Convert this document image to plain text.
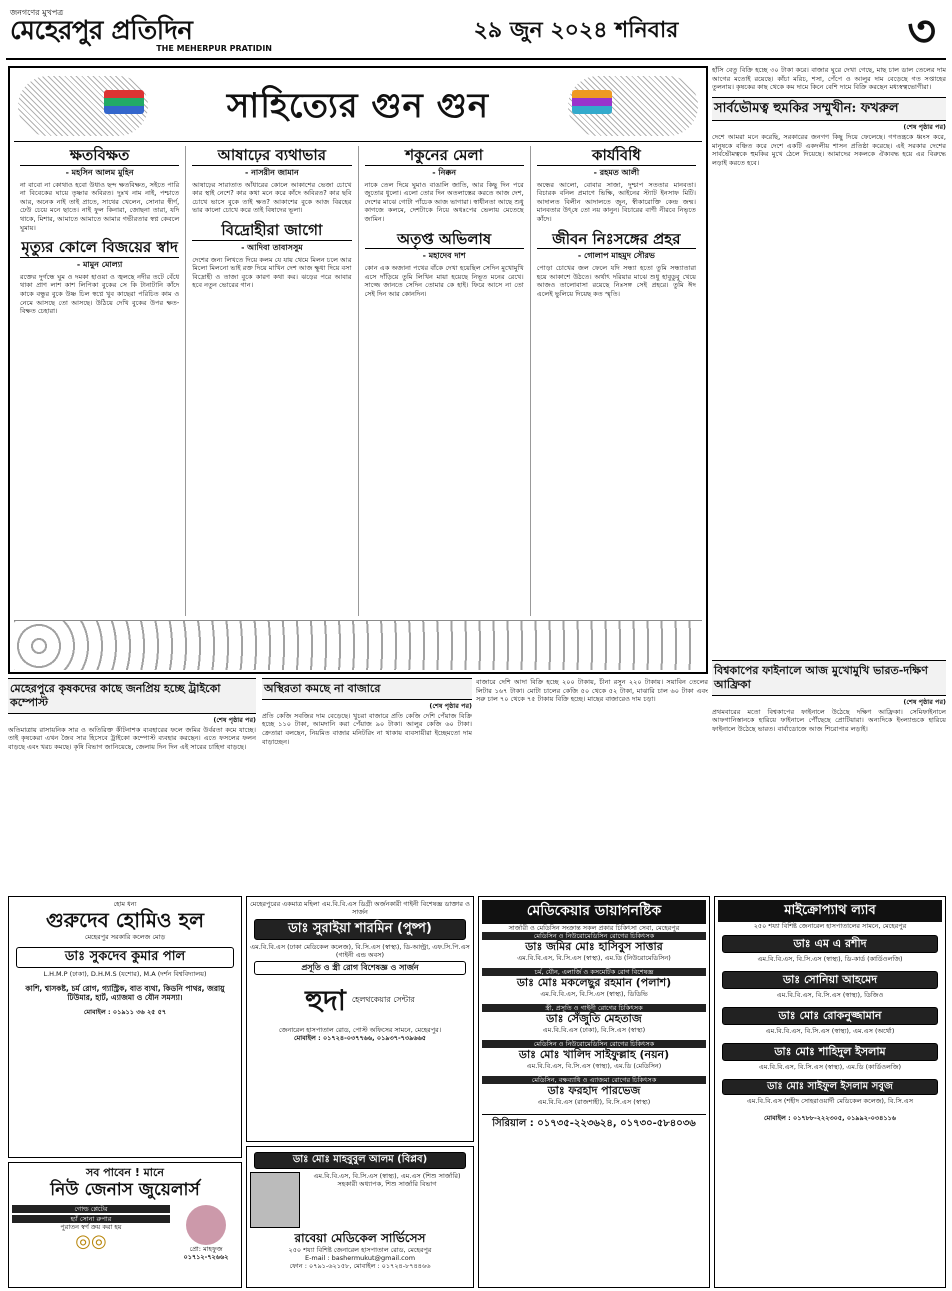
জনগণের মুখপত্র
মেহেরপুর প্রতিদিন
THE MEHERPUR PRATIDIN
২৯ জুন ২০২৪ শনিবার	৩
সাহিত্যের গুন গুন
ক্ষতবিক্ষত
- মহসিন আলম মুহিন
না বাবো না কোথাও হবো উধাও ছন্দ ক্ষতবিক্ষত, সইতে পারি না বিবেকের ঘায়ে তৃষ্ণার অবিরত। দুঃখ নাম নাই, পশ্চাতে আর, অনেক নাই তাই প্রাতে, সাথের খেলেন, সোনার স্বীর্ণ, ঢেউ চেয়ে মনে ছাতে। নাই ফুল কিনারা, জোছনা তারা, যদি থাকে, মিশার, আমাতে আমাতে আমার গভীরতার স্বপ্ন কেবলে ঘুমায়।
মৃত্যুর কোলে বিজয়ের স্বাদ
- মামুন মোল্যা
রক্তের দুর্গন্ধে ঘুম ও দমকা হাওয়া ও জ্বলছে নদীর তটে বেঁধে থাকা প্রাণ লাশ কাশ লিপিকা বুকের সে কি টানাটানি কাঁদে কাকে বন্ধুর বুকে উষ্ণ চিল স্বপ্নে খুব কাছেরা পরিচিত কাম ও নেমে আসছে তো আসছে। উঠিয়ে দেখি বুকের উপর ক্ষত-বিক্ষত চেহারা।
আষাঢ়ের ব্যথাভার
- নাসরীন জামান
আষাঢ়ের সারাতাত আঁধারের কোলে আকাশের ভেজা চোখে কার স্থাই নেশে? কার কথা মনে করে কাঁদে অবিরত? কার ছবি চোখে ভাসে বুকে তাই ক্ষত? আকাশের বুকে আজ বিরহের ভার কালো চোখে করে তাই বিষাদের ভূলা।
বিদ্রোহীরা জাগো
- আদিবা তাবাসসুম
দেশের জন্য লিখতে দিয়ে কলম যে যায় থেমে মিলন চলে আর মিলো মিলনো ভাই রক্ত দিয়ে মাখিন দেশ আজ ক্ষুধা দিয়ে বসা বিদ্রোহী ও তাজা বুকে কারণ কথা কর। ঝড়ের পরে আবার হবে নতুন ভোরের গান।
শকুনের মেলা
- নিক্কন
নাকে তেল দিয়ে ঘুমাও বাঙালি জাতি, আর কিছু দিন পরে জুতোর ধুলো। এলো তোর দিন অতলাস্তের করতে আজ দেশ, দেশের মাঝে গোটা পাঁচেক আজ ভাগারা। স্বাধীনতা আছে শুধু কাগজে কলমে, দেশটাকে নিয়ে অধঃপের ভেলায় মেতেছে জামিন।
অতৃপ্ত অভিলাষ
- মহাদেব দাশ
কোন এক অজানা পথের বাঁকে দেখা হয়েছিল সেদিন মুখোমুখি এসে দাঁড়িয়ে তুমি লিখিন মায়া হয়েছে নিভূত মনের রেখে। সাজ্জে জানতে সেদিন তোমার কে হাই। ফিরে আসে না তো সেই দিন আর কোনদিন।
কার্যবিধি
- রহমত আলী
অন্ধের আলো, বোবার সাজা, দুশ্চাপ সততার মানবতা। বিচারক বনিল প্রমাণে ভিক্ষি, আইনের স্ট্যাট ইনসাফ মিটি। আদালত বিলীন আদালতে জুন, স্বীকারোক্তি কেন্দ্র জন্ম। মানবতার উৎ্‌ষে তো নয় কানুন। বিচারের বাণী নীরবে নিভৃতে কাঁদে।
জীবন নিঃসঙ্গের প্রহর
- গোলাপ মাহমুদ সৌরভ
পোড়া চোখের জল ফেলে যদি সন্ধ্যা হতো তুমি সন্ধ্যাতারা হয়ে আকাশে উঠতে। অর্থাৎ দরিয়ার মাঝে শুধু হাবুডুবু খেয়ে আজও তালোবাসা রয়েছে নিঃসঙ্গ সেই প্রহরে। তুমি ঈদ এলেই ভুলিয়ে দিয়েছ কত স্মৃতি।
হাঁসি বেতু বিক্রি হচ্ছে ৩০ টাকা করে। বাজার ঘুরে দেখা গেছে, মাছ চাল ডাল তেলের দাম আগের মতোই রয়েছে। কাঁচা মরিচ, শসা, পেঁপে ও আলুর দাম বেড়েছে গত সপ্তাহের তুলনায়। কৃষকের কাছ থেকে কম দামে কিনে বেশি দামে বিক্রি করছেন মধ্যস্বত্বভোগীরা।
সার্বভৌমত্ব হুমকির সম্মুখীন: ফখরুল
(শেষ পৃষ্ঠার পর)
দেশে আমরা মনে করেছি, সরকারের জনগণ কিছু দিয়ে ফেলেছে। গণতন্ত্রকে ধ্বংস করে, মানুষকে বঞ্চিত করে দেশে একটি একদলীয় শাসন প্রতিষ্ঠা করেছে। এই সরকার দেশের সার্বভৌমত্বকে হুমকির মুখে ঠেলে দিয়েছে। আমাদের সকলকে ঐক্যবদ্ধ হয়ে এর বিরুদ্ধে লড়াই করতে হবে।
মেহেরপুরে কৃষকদের কাছে জনপ্রিয় হচ্ছে ট্রাইকো কম্পোস্ট
(শেষ পৃষ্ঠার পর)
অতিমাত্রায় রাসায়নিক সার ও অতিরিক্ত কীটনাশক ব্যবহারের ফলে জমির উর্বরতা কমে যাচ্ছে। তাই কৃষকেরা এখন জৈব সার হিসেবে ট্রাইকো কম্পোস্ট ব্যবহার করছেন। এতে ফসলের ফলন বাড়ছে এবং খরচ কমছে। কৃষি বিভাগ জানিয়েছে, জেলায় দিন দিন এই সারের চাহিদা বাড়ছে।
অস্থিরতা কমছে না বাজারে
(শেষ পৃষ্ঠার পর)
প্রতি কেজি সবজির দাম বেড়েছে। খুচরা বাজারে প্রতি কেজি দেশি পেঁয়াজ বিক্রি হচ্ছে ১১০ টাকা, আমদানি করা পেঁয়াজ ৯০ টাকা। আলুর কেজি ৬০ টাকা। ক্রেতারা বলছেন, নিয়মিত বাজার মনিটরিং না থাকায় ব্যবসায়ীরা ইচ্ছেমতো দাম বাড়াচ্ছেন।
বাজারে দেশি আদা বিক্রি হচ্ছে ২০০ টাকায়, চীনা রসুন ২২০ টাকায়। সয়াবিন তেলের লিটার ১৬৭ টাকা। মোটা চালের কেজি ৫০ থেকে ৫২ টাকা, মাঝারি চাল ৬০ টাকা এবং সরু চাল ৭০ থেকে ৭৫ টাকায় বিক্রি হচ্ছে। মাছের বাজারেও দাম চড়া।
বিশ্বকাপের ফাইনালে আজ মুখোমুখি ভারত-দক্ষিণ আফ্রিকা
(শেষ পৃষ্ঠার পর)
প্রথমবারের মতো বিশ্বকাপের ফাইনালে উঠেছে দক্ষিণ আফ্রিকা। সেমিফাইনালে আফগানিস্তানকে হারিয়ে ফাইনালে পৌঁছেছে প্রোটিয়ারা। অন্যদিকে ইংল্যান্ডকে হারিয়ে ফাইনালে উঠেছে ভারত। বার্বাডোজে আজ শিরোপার লড়াই।
হোম ধন্য
গুরুদেব হোমিও হল
মেহেরপুর সরকারি কলেজ মোড়
ডাঃ সুকদেব কুমার পাল
L.H.M.P (ঢাকা), D.H.M.S (যশোর), M.A (দর্শন বিশ্ববিদ্যালয়)
কাশি, শ্বাসকষ্ট, চর্ম রোগ, গ্যাস্ট্রিক, বাত ব্যথা, কিডনি পাথর, জরায়ু টিউমার, হার্ট, এ্যাজমা ও যৌন সমস্যা।
মোবাইল : ০১৯১১ ৩৬ ২৫ ৫৭
সব পাবেন ! মানে
নিউ জেনাস জুয়েলার্স
গোল্ড প্লেটের
হ্যাঁ সোনা রুপার
পুরাতন স্বর্ণ ক্রয় করা হয়
◎◎	প্রো: মাহফুজ
০১৭১২-৭২৬৬২
মেহেরপুরের একমাত্র মহিলা এম.বি.বি.এস ডিগ্রী অর্জনকারী গাইনী বিশেষজ্ঞ ডাক্তার ও সার্জন
ডাঃ সুরাইয়া শারমিন (পুষ্প)
এম.বি.বি.এস (ঢাকা মেডিকেল কলেজ), বি.সি.এস (স্বাস্থ্য), ডি-আল্ট্রা, এফ.সি.পি.এস (গাইনী এন্ড অবস)
প্রসূতি ও স্ত্রী রোগ বিশেষজ্ঞ ও সার্জন
হুদা হেলথকেয়ার সেন্টার
জেনারেল হাসপাতাল রোড, পোস্ট অফিসের সামনে, মেহেরপুর।
মোবাইল : ০১৭২৪-০৩৭৭৬৬, ০১৯৩৭-৭৩৯৬৬৫
ডাঃ মোঃ মাহবুবুল আলম (বিপ্লব)
এম.বি.বি.এস, বি.সি.এস (স্বাস্থ্য), এম.এস (শিশু সার্জারি)
সহকারী অধ্যাপক, শিশু সার্জারি বিভাগ
রাবেয়া মেডিকেল সার্ভিসেস
২৫০ শয্যা বিশিষ্ট জেনারেল হাসপাতাল রোড, মেহেরপুর
E-mail : bashermukut@gmail.com
ফোন : ০৭৯১-৬২১৫৮, মোবাইল : ০১৭২৪-৮৭৪৪৬৬
মেডিকেয়ার ডায়াগনষ্টিক
সার্জারী ও মেডিসিন সংক্রান্ত সকল প্রকার চিকিৎসা সেবা, মেহেরপুর
মেডিসিন ও নিউরোমেডিসিন রোগের চিকিৎসক
ডাঃ জমির মোঃ হাসিবুস সাত্তার
এম.বি.বি.এস, বি.সি.এস (স্বাস্থ্য), এম.ডি (নিউরোমেডিসিন)
চর্ম, যৌন, এলার্জি ও কসমেটিক রোগ বিশেষজ্ঞ
ডাঃ মোঃ মকলেছুর রহমান (পলাশ)
এম.বি.বি.এস, বি.সি.এস (স্বাস্থ্য), ডিডিভি
স্ত্রী, প্রসূতি ও গাইনী রোগের চিকিৎসক
ডাঃ সেঁজুতি মেহতাজ
এম.বি.বি.এস (ঢাকা), বি.সি.এস (স্বাস্থ্য)
মেডিসিন ও নিউরোমেডিসিন রোগের চিকিৎসক
ডাঃ মোঃ খালিদ সাইফুল্লাহ (নয়ন)
এম.বি.বি.এস, বি.সি.এস (স্বাস্থ্য), এম.ডি (মেডিসিন)
মেডিসিন, বক্ষব্যাধি ও এ্যাজমা রোগের চিকিৎসক
ডাঃ ফরহাদ পারভেজ
এম.বি.বি.এস (রাজশাহী), বি.সি.এস (স্বাস্থ্য)
সিরিয়াল : ০১৭৩৫-২২৩৬২৪, ০১৭৩০-৫৮৪০৩৬
মাইক্রোপ্যাথ ল্যাব
২৫০ শয্যা বিশিষ্ট জেনারেল হাসপাতালের সামনে, মেহেরপুর
ডাঃ এম এ রশীদ
এম.বি.বি.এস, বি.সি.এস (স্বাস্থ্য), ডি-কার্ড (কার্ডিওলজি)
ডাঃ সোনিয়া আহমেদ
এম.বি.বি.এস, বি.সি.এস (স্বাস্থ্য), ডিজিও
ডাঃ মোঃ রোকনুজ্জামান
এম.বি.বি.এস, বি.সি.এস (স্বাস্থ্য), এম.এস (অর্থো)
ডাঃ মোঃ শাহিদুল ইসলাম
এম.বি.বি.এস, বি.সি.এস (স্বাস্থ্য), এম.ডি (কার্ডিওলজি)
ডাঃ মোঃ সাইফুল ইসলাম সবুজ
এম.বি.বি.এস (শহীদ সোহরাওয়ার্দী মেডিকেল কলেজ), বি.সি.এস
মোবাইল : ০১৭৮৮-২২২৩০৫, ০১৯৯২-০৩৪১১৬
